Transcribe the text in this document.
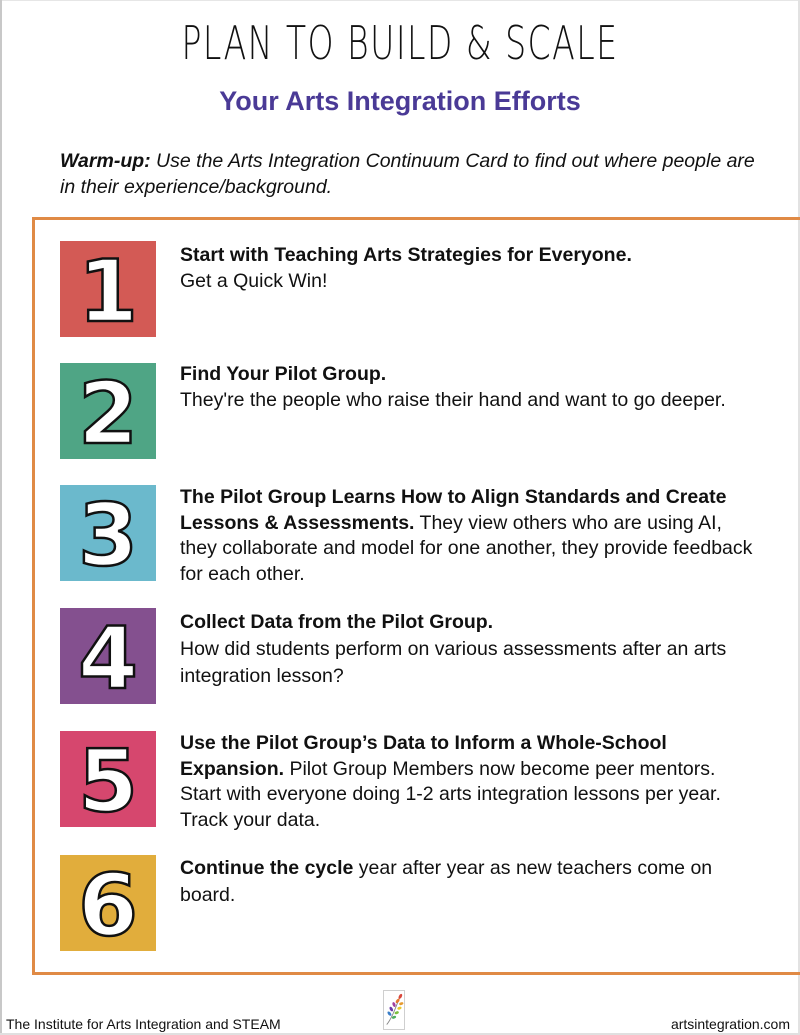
PLAN TO BUILD & SCALE
Your Arts Integration Efforts

Warm-up: Use the Arts Integration Continuum Card to find out where people are in their experience/background.

1 Start with Teaching Arts Strategies for Everyone.
Get a Quick Win!
2 Find Your Pilot Group.
They're the people who raise their hand and want to go deeper.
3 The Pilot Group Learns How to Align Standards and Create Lessons & Assessments. They view others who are using AI, they collaborate and model for one another, they provide feedback for each other.
4 Collect Data from the Pilot Group.
How did students perform on various assessments after an arts integration lesson?
5 Use the Pilot Group’s Data to Inform a Whole-School Expansion. Pilot Group Members now become peer mentors. Start with everyone doing 1-2 arts integration lessons per year. Track your data.
6 Continue the cycle year after year as new teachers come on board.
The Institute for Arts Integration and STEAM	artsintegration.com
